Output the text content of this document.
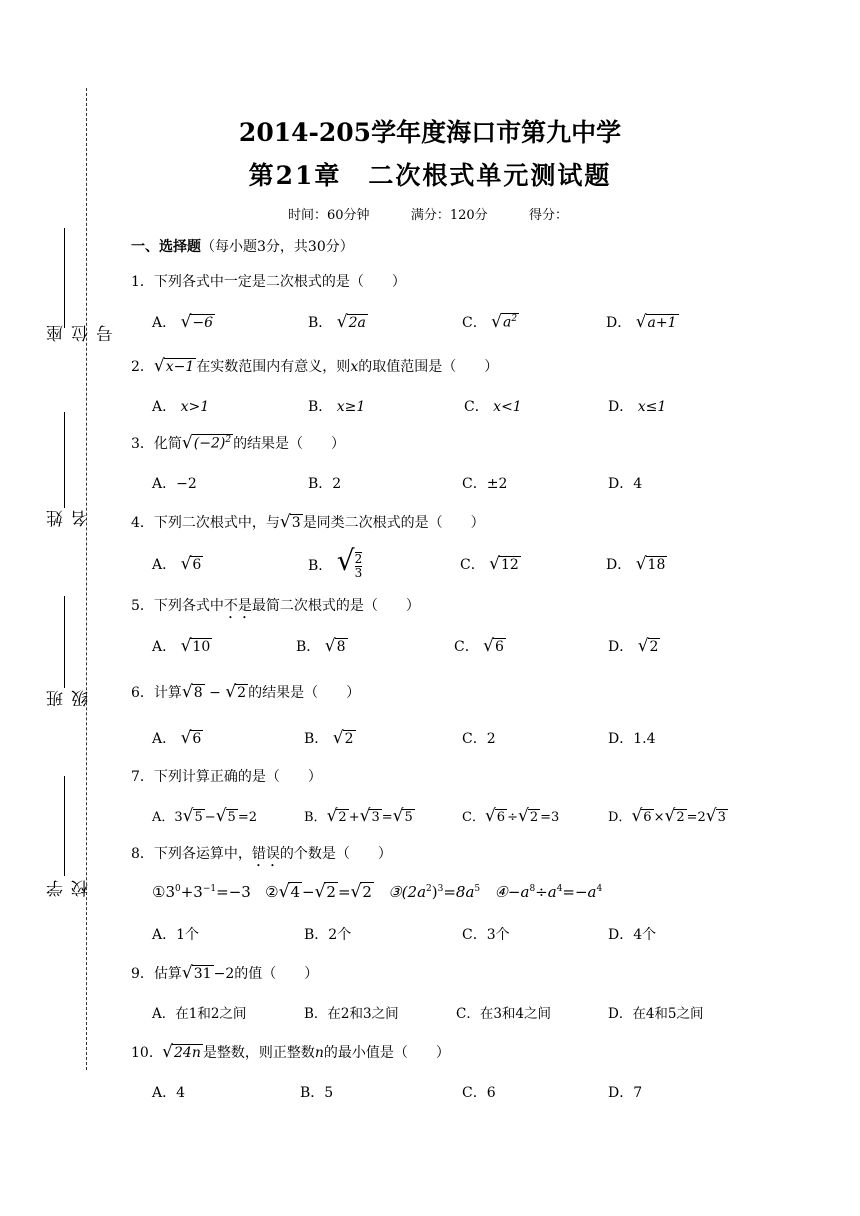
座位号
姓名
班级
学校
2014-205学年度海口市第九中学
第21章　二次根式单元测试题
时间：60分钟          满分：120分          得分：
一、选择题（每小题3分，共30分）
1．下列各式中一定是二次根式的是（　　）
A． √−6	B． √2a	C． $√a^2$	D． √a+1
2．√x−1 在实数范围内有意义，则x的取值范围是（　　）
A． x>1	B． x≥1	C． x<1	D． x≤1
3．化简$√(-2)^2$ 的结果是（　　）
A．−2	B．2	C．±2	D．4
4．下列二次根式中，与√3 是同类二次根式的是（　　）
A． √6	B． √ $\frac{2}{3}$	C． √12	D． √18
5．下列各式中不是最简二次根式的是（　　）
A． √10	B． √8	C． √6	D． √2
6．计算√8 − √2 的结果是（　　）
A． √6	B． √2	C．2	D．1.4
7．下列计算正确的是（　　）
A．3√5 −√5 =2	B．√2 +√3 =√5	C．√6 ÷√2 =3	D．√6 ×√2 =2√3
8．下列各运算中，错误的个数是（　　）
$①3^0+3^{-1}=-3$ ②√4 −√2 =√2 $③(2a^2)^3=8a^5$ $④-a^8\div a^4=-a^4$
A．1个	B．2个	C．3个	D．4个
9．估算√31 −2的值（　　）
A．在1和2之间	B．在2和3之间	C．在3和4之间	D．在4和5之间
10. √24n 是整数，则正整数n的最小值是（　　）
A．4	B．5	C．6	D．7
